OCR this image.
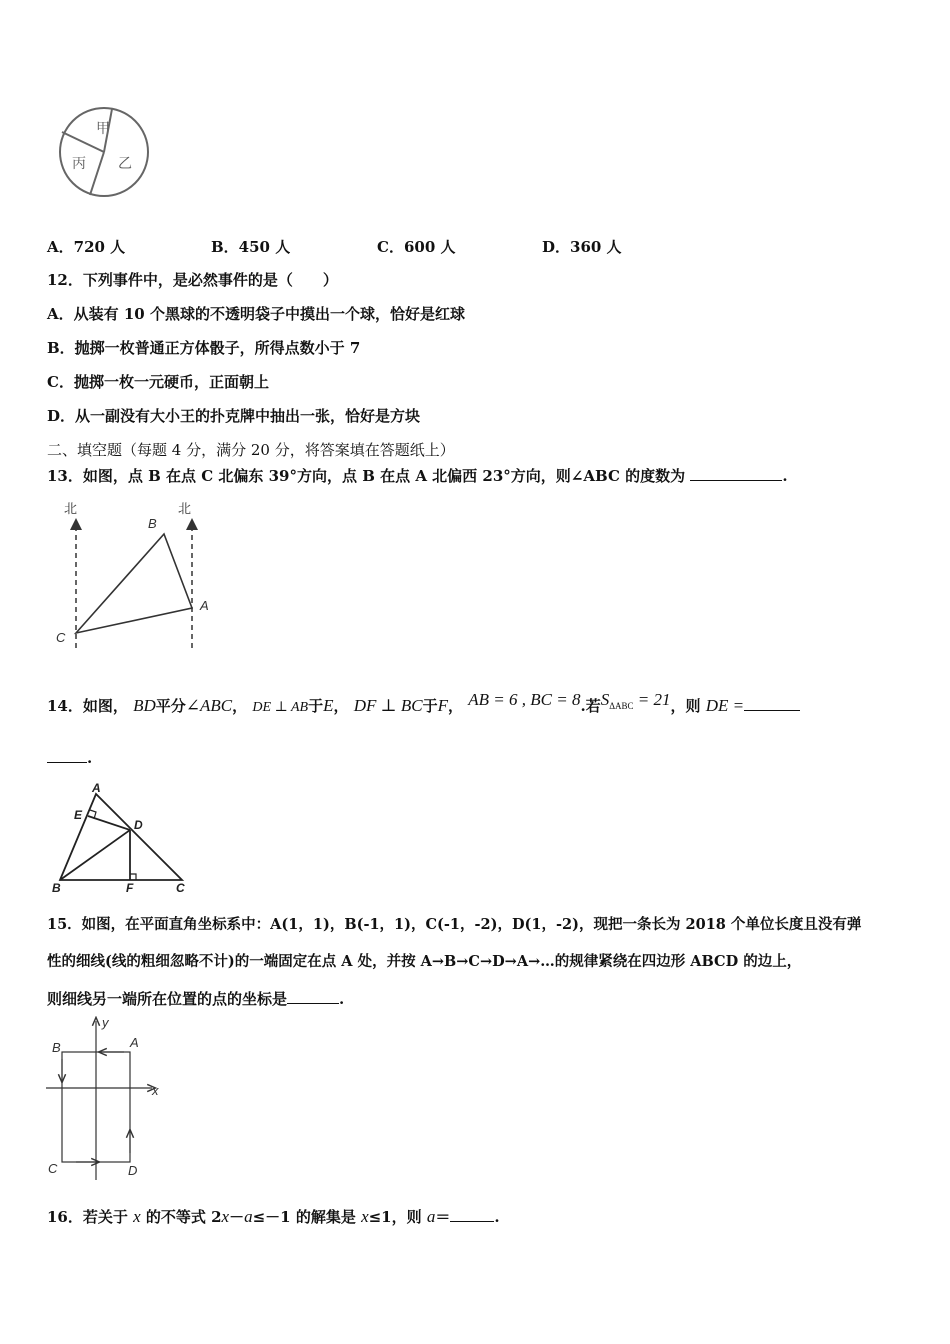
甲
乙
丙
A．720 人	B．450 人	C．600 人	D．360 人
12．下列事件中，是必然事件的是（　　）
A．从装有 10 个黑球的不透明袋子中摸出一个球，恰好是红球
B．抛掷一枚普通正方体骰子，所得点数小于 7
C．抛掷一枚一元硬币，正面朝上
D．从一副没有大小王的扑克牌中抽出一张，恰好是方块
二、填空题（每题 4 分，满分 20 分，将答案填在答题纸上）
13．如图，点 B 在点 C 北偏东 39°方向，点 B 在点 A 北偏西 23°方向，则∠ABC 的度数为	.
北	北
B
A
C
14．如图， BD平分∠ABC， DE ⊥ AB于E， DF ⊥ BC于F， AB = 6 , BC = 8.若SΔABC = 21，则 DE =
.
A
E
D
B	F	C
15．如图，在平面直角坐标系中：A(1，1)，B(-1，1)，C(-1，-2)，D(1，-2)，现把一条长为 2018 个单位长度且没有弹
性的细线(线的粗细忽略不计)的一端固定在点 A 处，并按 A→B→C→D→A→…的规律紧绕在四边形 ABCD 的边上，
则细线另一端所在位置的点的坐标是	.
y
x
A
B
C	D
16．若关于 x 的不等式 2x－a≤－1 的解集是 x≤1，则 a＝	.
